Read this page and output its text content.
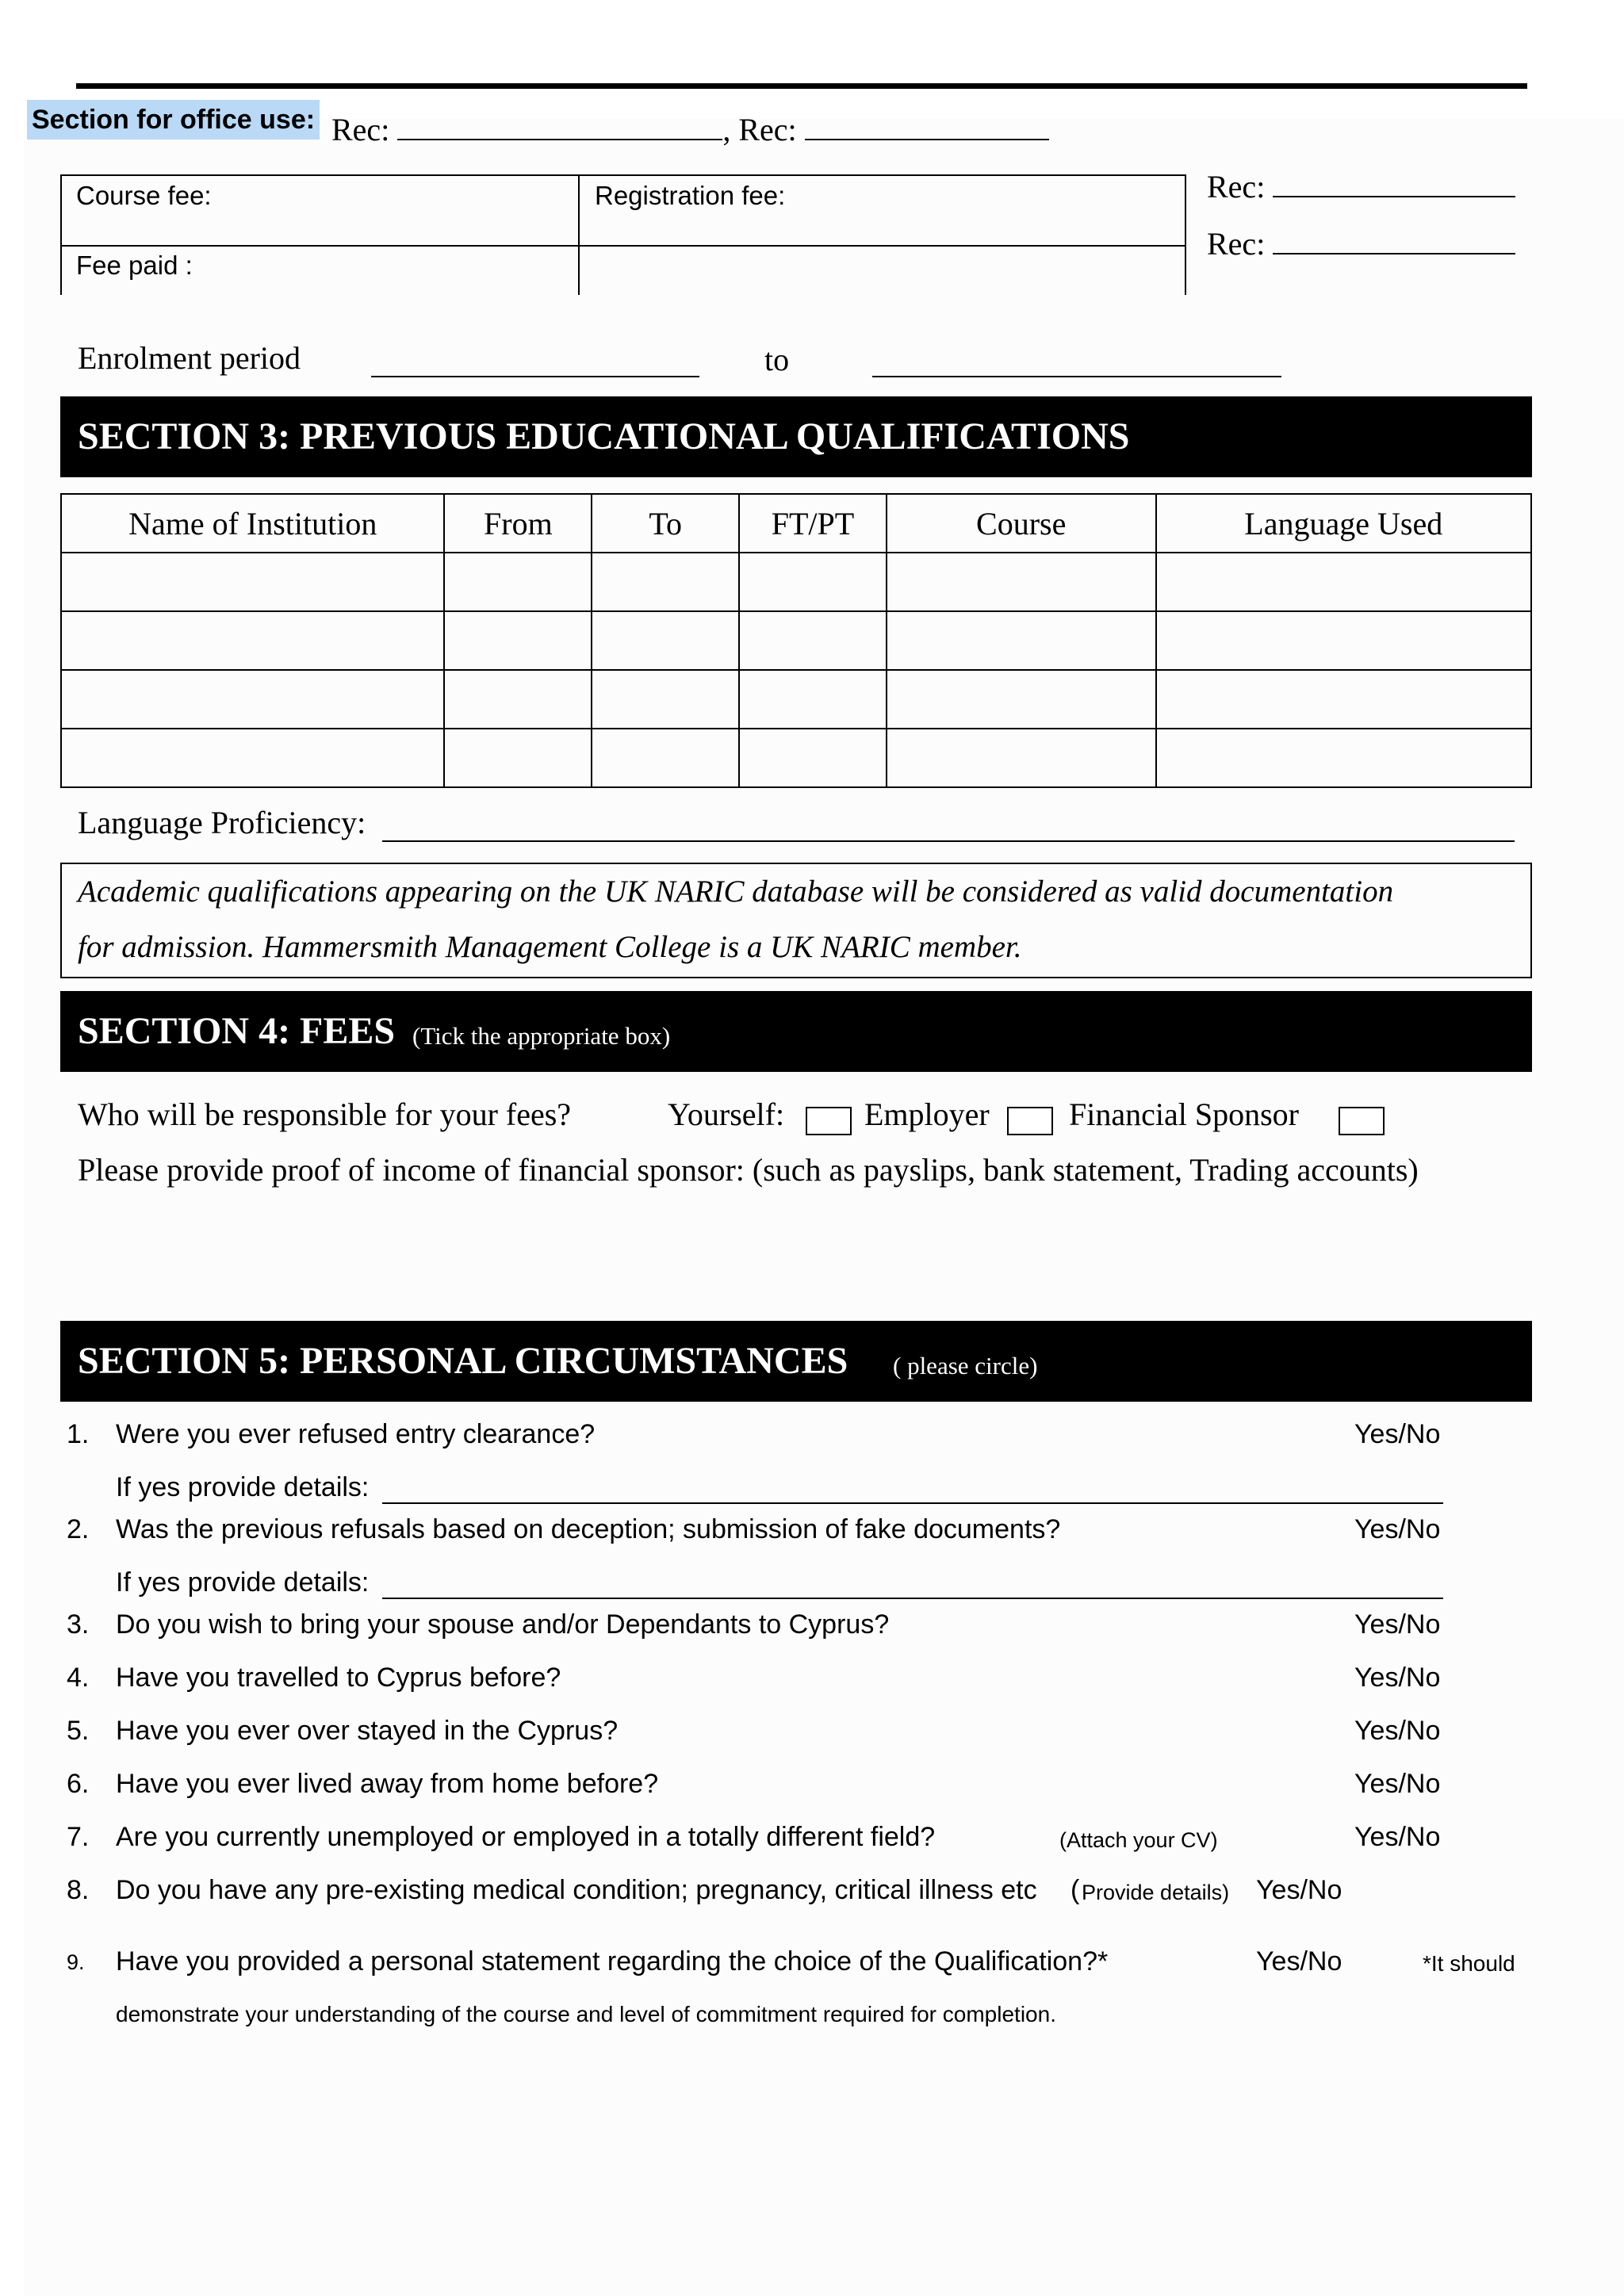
Section for office use: Rec:	, Rec:
Course fee:	Registration fee:
Fee paid :
Rec:
Rec:
Enrolment period	to
SECTION 3: PREVIOUS EDUCATIONAL QUALIFICATIONS
Name of Institution	From	To	FT/PT	Course	Language Used

Language Proficiency:
Academic qualifications appearing on the UK NARIC database will be considered as valid documentation
for admission. Hammersmith Management College is a UK NARIC member.
SECTION 4: FEES (Tick the appropriate box)
Who will be responsible for your fees?	Yourself:	Employer	Financial Sponsor
Please provide proof of income of financial sponsor: (such as payslips, bank statement, Trading accounts)
SECTION 5: PERSONAL CIRCUMSTANCES ( please circle)
1. Were you ever refused entry clearance?	Yes/No
If yes provide details:
2. Was the previous refusals based on deception; submission of fake documents?	Yes/No
If yes provide details:
3. Do you wish to bring your spouse and/or Dependants to Cyprus?	Yes/No
4. Have you travelled to Cyprus before?	Yes/No
5. Have you ever over stayed in the Cyprus?	Yes/No
6. Have you ever lived away from home before?	Yes/No
7. Are you currently unemployed or employed in a totally different field?	(Attach your CV)	Yes/No
8. Do you have any pre-existing medical condition; pregnancy, critical illness etc ( Provide details) Yes/No
9. Have you provided a personal statement regarding the choice of the Qualification?*	Yes/No	*It should
demonstrate your understanding of the course and level of commitment required for completion.
